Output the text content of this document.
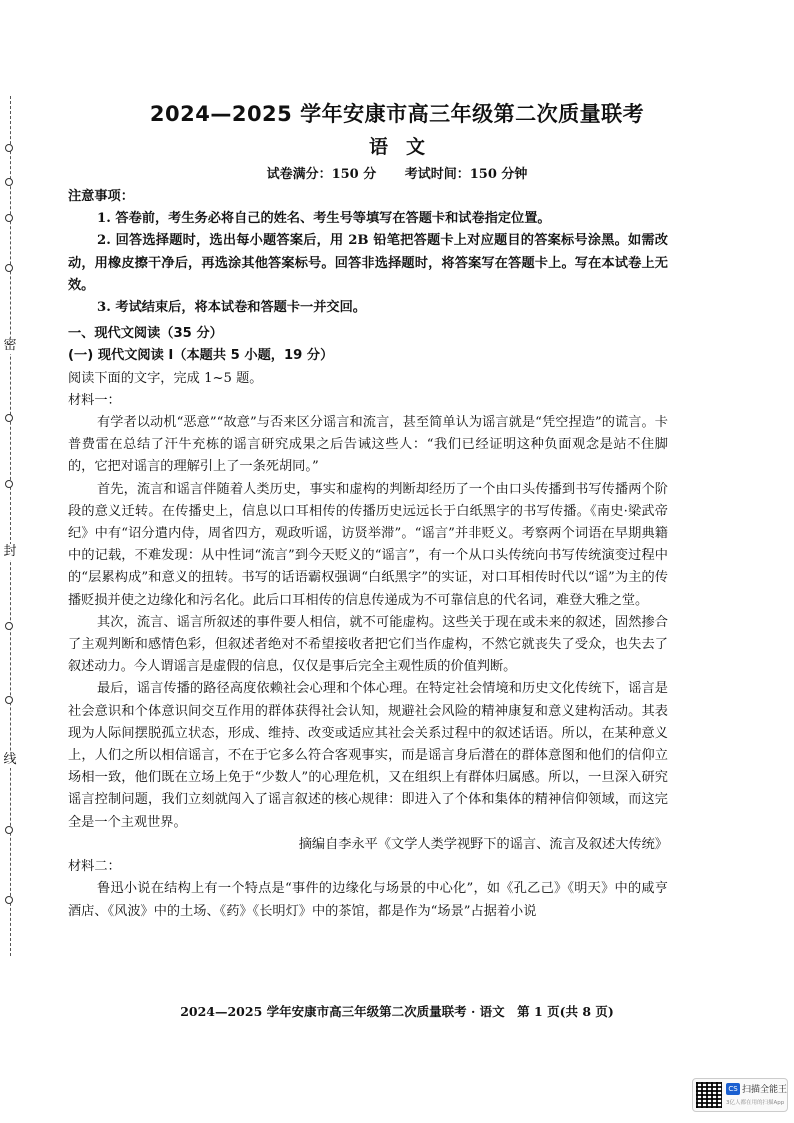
密
封
线
2024—2025 学年安康市高三年级第二次质量联考
语文
试卷满分：150 分 考试时间：150 分钟

注意事项：

1. 答卷前，考生务必将自己的姓名、考生号等填写在答题卡和试卷指定位置。

2. 回答选择题时，选出每小题答案后，用 2B 铅笔把答题卡上对应题目的答案标号涂黑。如需改动，用橡皮擦干净后，再选涂其他答案标号。回答非选择题时，将答案写在答题卡上。写在本试卷上无效。

3. 考试结束后，将本试卷和答题卡一并交回。

一、现代文阅读（35 分）

(一) 现代文阅读 I（本题共 5 小题，19 分）

阅读下面的文字，完成 1~5 题。

材料一：

有学者以动机“恶意”“故意”与否来区分谣言和流言，甚至简单认为谣言就是“凭空捏造”的谎言。卡普费雷在总结了汗牛充栋的谣言研究成果之后告诫这些人：“我们已经证明这种负面观念是站不住脚的，它把对谣言的理解引上了一条死胡同。”

首先，流言和谣言伴随着人类历史，事实和虚构的判断却经历了一个由口头传播到书写传播两个阶段的意义迁转。在传播史上，信息以口耳相传的传播历史远远长于白纸黑字的书写传播。《南史·梁武帝纪》中有“诏分遣内侍，周省四方，观政听谣，访贤举滞”。“谣言”并非贬义。考察两个词语在早期典籍中的记载，不难发现：从中性词“流言”到今天贬义的“谣言”，有一个从口头传统向书写传统演变过程中的“层累构成”和意义的扭转。书写的话语霸权强调“白纸黑字”的实证，对口耳相传时代以“谣”为主的传播贬损并使之边缘化和污名化。此后口耳相传的信息传递成为不可靠信息的代名词，难登大雅之堂。

其次，流言、谣言所叙述的事件要人相信，就不可能虚构。这些关于现在或未来的叙述，固然掺合了主观判断和感情色彩，但叙述者绝对不希望接收者把它们当作虚构，不然它就丧失了受众，也失去了叙述动力。今人谓谣言是虚假的信息，仅仅是事后完全主观性质的价值判断。

最后，谣言传播的路径高度依赖社会心理和个体心理。在特定社会情境和历史文化传统下，谣言是社会意识和个体意识间交互作用的群体获得社会认知，规避社会风险的精神康复和意义建构活动。其表现为人际间摆脱孤立状态，形成、维持、改变或适应其社会关系过程中的叙述话语。所以，在某种意义上，人们之所以相信谣言，不在于它多么符合客观事实，而是谣言身后潜在的群体意图和他们的信仰立场相一致，他们既在立场上免于“少数人”的心理危机，又在组织上有群体归属感。所以，一旦深入研究谣言控制问题，我们立刻就闯入了谣言叙述的核心规律：即进入了个体和集体的精神信仰领域，而这完全是一个主观世界。

摘编自李永平《文学人类学视野下的谣言、流言及叙述大传统》

材料二：

鲁迅小说在结构上有一个特点是“事件的边缘化与场景的中心化”，如《孔乙己》《明天》中的咸亨酒店、《风波》中的土场、《药》《长明灯》中的茶馆，都是作为“场景”占据着小说

2024—2025 学年安康市高三年级第二次质量联考 · 语文　第 1 页(共 8 页)
CS 扫描全能王
3亿人都在用的扫描App
